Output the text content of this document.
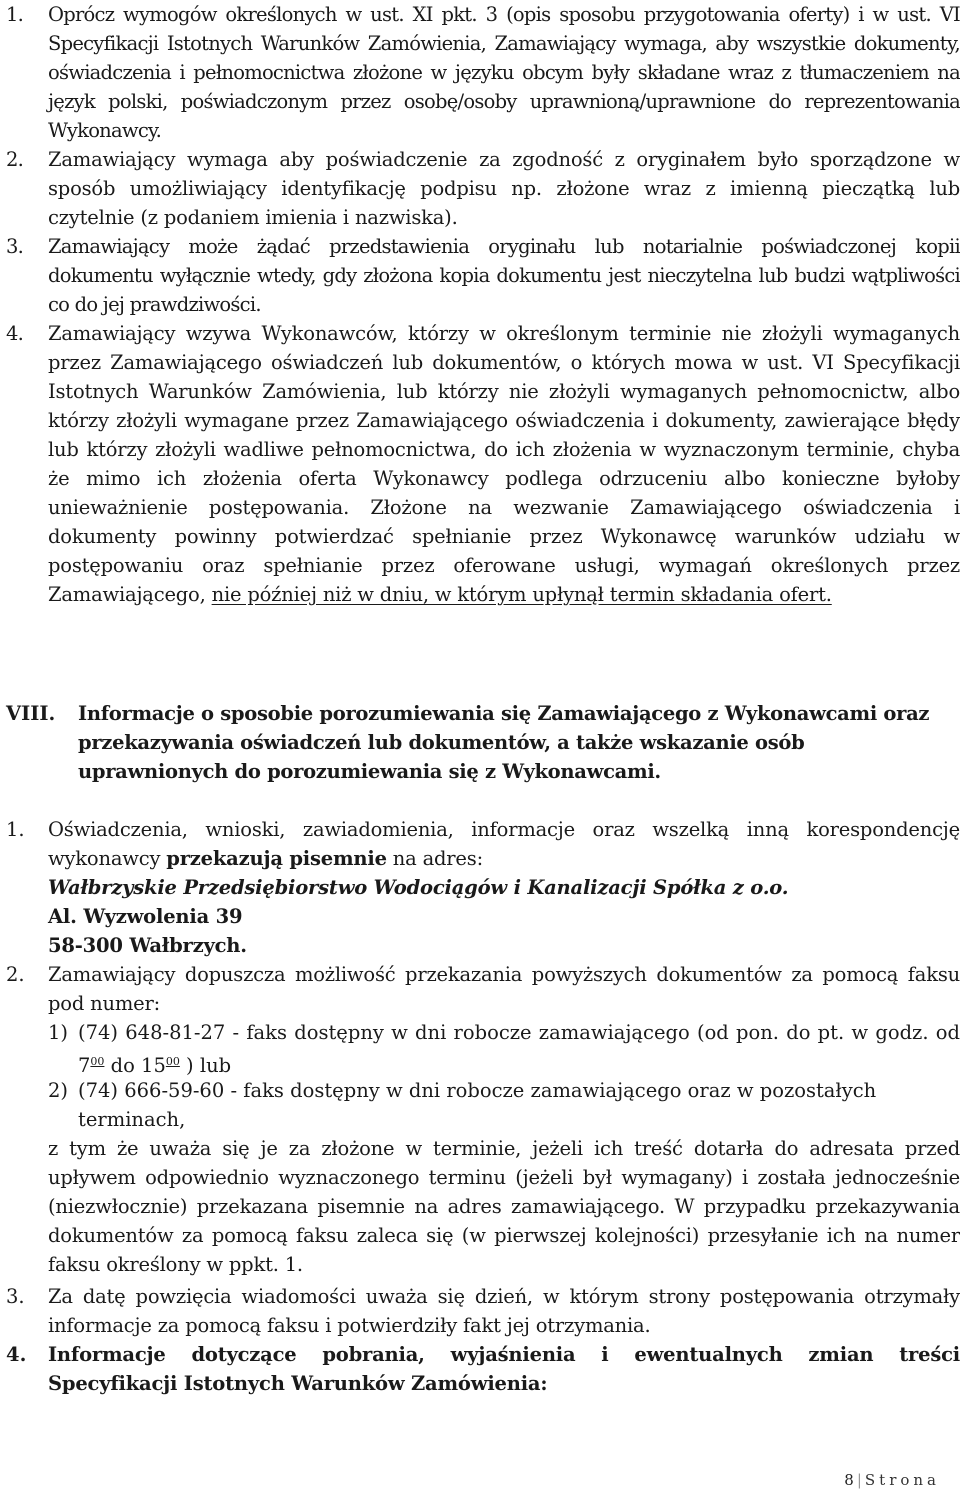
1. Oprócz wymogów określonych w ust. XI pkt. 3 (opis sposobu przygotowania oferty) i w ust. VI Specyfikacji Istotnych Warunków Zamówienia, Zamawiający wymaga, aby wszystkie dokumenty, oświadczenia i pełnomocnictwa złożone w języku obcym były składane wraz z tłumaczeniem na język polski, poświadczonym przez osobę/osoby uprawnioną/uprawnione do reprezentowania Wykonawcy.
2. Zamawiający wymaga aby poświadczenie za zgodność z oryginałem było sporządzone w sposób umożliwiający identyfikację podpisu np. złożone wraz z imienną pieczątką lub czytelnie (z podaniem imienia i nazwiska).
3. Zamawiający może żądać przedstawienia oryginału lub notarialnie poświadczonej kopii dokumentu wyłącznie wtedy, gdy złożona kopia dokumentu jest nieczytelna lub budzi wątpliwości co do jej prawdziwości.
4. Zamawiający wzywa Wykonawców, którzy w określonym terminie nie złożyli wymaganych przez Zamawiającego oświadczeń lub dokumentów, o których mowa w ust. VI Specyfikacji Istotnych Warunków Zamówienia, lub którzy nie złożyli wymaganych pełnomocnictw, albo którzy złożyli wymagane przez Zamawiającego oświadczenia i dokumenty, zawierające błędy lub którzy złożyli wadliwe pełnomocnictwa, do ich złożenia w wyznaczonym terminie, chyba że mimo ich złożenia oferta Wykonawcy podlega odrzuceniu albo konieczne byłoby unieważnienie postępowania. Złożone na wezwanie Zamawiającego oświadczenia i dokumenty powinny potwierdzać spełnianie przez Wykonawcę warunków udziału w postępowaniu oraz spełnianie przez oferowane usługi, wymagań określonych przez Zamawiającego, nie później niż w dniu, w którym upłynął termin składania ofert.
VIII. Informacje o sposobie porozumiewania się Zamawiającego z Wykonawcami oraz przekazywania oświadczeń lub dokumentów, a także wskazanie osób uprawnionych do porozumiewania się z Wykonawcami.
1. Oświadczenia, wnioski, zawiadomienia, informacje oraz wszelką inną korespondencję wykonawcy przekazują pisemnie na adres:
Wałbrzyskie Przedsiębiorstwo Wodociągów i Kanalizacji Spółka z o.o.
Al. Wyzwolenia 39
58-300 Wałbrzych.
2. Zamawiający dopuszcza możliwość przekazania powyższych dokumentów za pomocą faksu pod numer:
1) (74) 648-81-27 - faks dostępny w dni robocze zamawiającego (od pon. do pt. w godz. od $7^{00}$ do $15^{00}$ ) lub
2) (74) 666-59-60 - faks dostępny w dni robocze zamawiającego oraz w pozostałych terminach,
z tym że uważa się je za złożone w terminie, jeżeli ich treść dotarła do adresata przed upływem odpowiednio wyznaczonego terminu (jeżeli był wymagany) i została jednocześnie (niezwłocznie) przekazana pisemnie na adres zamawiającego. W przypadku przekazywania dokumentów za pomocą faksu zaleca się (w pierwszej kolejności) przesyłanie ich na numer faksu określony w ppkt. 1.
3. Za datę powzięcia wiadomości uważa się dzień, w którym strony postępowania otrzymały informacje za pomocą faksu i potwierdziły fakt jej otrzymania.
4. Informacje dotyczące pobrania, wyjaśnienia i ewentualnych zmian treści Specyfikacji Istotnych Warunków Zamówienia:
8 | Strona
